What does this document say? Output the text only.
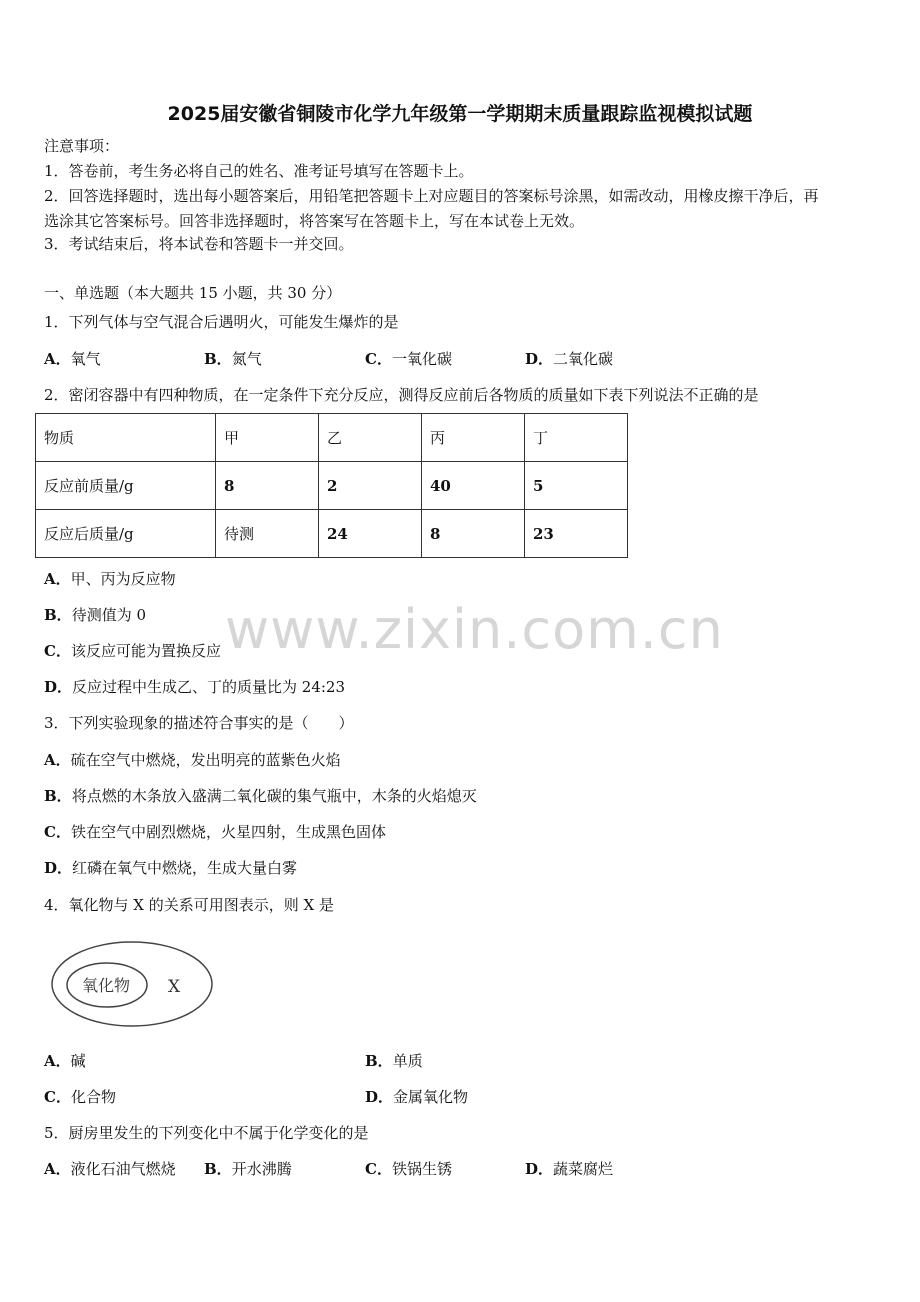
2025届安徽省铜陵市化学九年级第一学期期末质量跟踪监视模拟试题
注意事项：
1．答卷前，考生务必将自己的姓名、准考证号填写在答题卡上。
2．回答选择题时，选出每小题答案后，用铅笔把答题卡上对应题目的答案标号涂黑，如需改动，用橡皮擦干净后，再
选涂其它答案标号。回答非选择题时，将答案写在答题卡上，写在本试卷上无效。
3．考试结束后，将本试卷和答题卡一并交回。
一、单选题（本大题共 15 小题，共 30 分）
1．下列气体与空气混合后遇明火，可能发生爆炸的是
A．氧气	B．氮气	C．一氧化碳	D．二氧化碳
2．密闭容器中有四种物质，在一定条件下充分反应，测得反应前后各物质的质量如下表下列说法不正确的是
物质	甲	乙	丙	丁
反应前质量/g	8	2	40	5
反应后质量/g	待测	24	8	23
A．甲、丙为反应物
B．待测值为 0
C．该反应可能为置换反应
D．反应过程中生成乙、丁的质量比为 24:23
www.zixin.com.cn
3．下列实验现象的描述符合事实的是（　　）
A．硫在空气中燃烧，发出明亮的蓝紫色火焰
B．将点燃的木条放入盛满二氧化碳的集气瓶中，木条的火焰熄灭
C．铁在空气中剧烈燃烧，火星四射，生成黑色固体
D．红磷在氧气中燃烧，生成大量白雾
4．氧化物与 X 的关系可用图表示，则 X 是
氧化物 X
A．碱	B．单质
C．化合物	D．金属氧化物
5．厨房里发生的下列变化中不属于化学变化的是
A．液化石油气燃烧 B．开水沸腾	C．铁锅生锈	D．蔬菜腐烂
